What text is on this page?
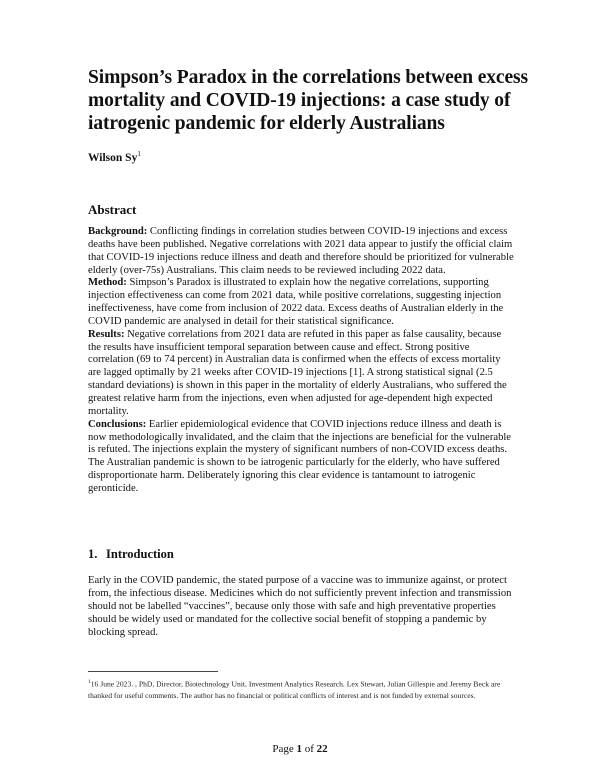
Simpson’s Paradox in the correlations between excess mortality and COVID-19 injections: a case study of iatrogenic pandemic for elderly Australians
Wilson Sy$^1$
Abstract

Background: Conflicting findings in correlation studies between COVID-19 injections and excess deaths have been published. Negative correlations with 2021 data appear to justify the official claim that COVID-19 injections reduce illness and death and therefore should be prioritized for vulnerable elderly (over-75s) Australians. This claim needs to be reviewed including 2022 data.

Method: Simpson’s Paradox is illustrated to explain how the negative correlations, supporting injection effectiveness can come from 2021 data, while positive correlations, suggesting injection ineffectiveness, have come from inclusion of 2022 data. Excess deaths of Australian elderly in the COVID pandemic are analysed in detail for their statistical significance.

Results: Negative correlations from 2021 data are refuted in this paper as false causality, because the results have insufficient temporal separation between cause and effect. Strong positive correlation (69 to 74 percent) in Australian data is confirmed when the effects of excess mortality are lagged optimally by 21 weeks after COVID-19 injections [1]. A strong statistical signal (2.5 standard deviations) is shown in this paper in the mortality of elderly Australians, who suffered the greatest relative harm from the injections, even when adjusted for age-dependent high expected mortality.

Conclusions: Earlier epidemiological evidence that COVID injections reduce illness and death is now methodologically invalidated, and the claim that the injections are beneficial for the vulnerable is refuted. The injections explain the mystery of significant numbers of non-COVID excess deaths. The Australian pandemic is shown to be iatrogenic particularly for the elderly, who have suffered disproportionate harm. Deliberately ignoring this clear evidence is tantamount to iatrogenic geronticide.

1. Introduction

Early in the COVID pandemic, the stated purpose of a vaccine was to immunize against, or protect from, the infectious disease. Medicines which do not sufficiently prevent infection and transmission should not be labelled “vaccines”, because only those with safe and high preventative properties should be widely used or mandated for the collective social benefit of stopping a pandemic by blocking spread.

$^1$16 June 2023. , PhD, Director, Biotechnology Unit, Investment Analytics Research. Lex Stewart, Julian Gillespie and Jeremy Beck are thanked for useful comments. The author has no financial or political conflicts of interest and is not funded by external sources.
Page 1 of 22
